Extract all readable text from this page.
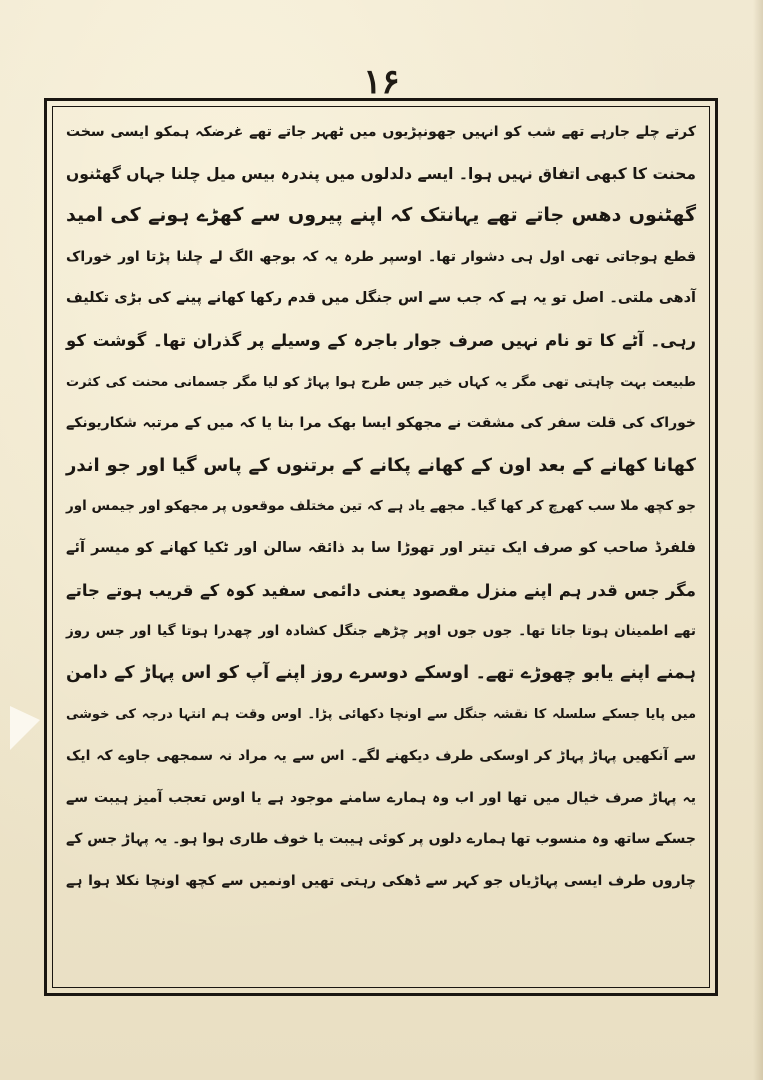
۱۶
کرتے چلے جارہے تھے شب کو انہیں جھونپڑیوں میں ٹھہر جاتے تھے غرضکہ ہمکو ایسی سخت
محنت کا کبھی اتفاق نہیں ہوا۔ ایسے دلدلوں میں پندرہ بیس میل چلنا جہاں گھٹنوں
گھٹنوں دھس جاتے تھے یہانتک کہ اپنے پیروں سے کھڑے ہونے کی امید
قطع ہوجاتی تھی اول ہی دشوار تھا۔ اوسپر طرہ یہ کہ بوجھ الگ لے چلنا پڑتا اور خوراک
آدھی ملتی۔ اصل تو یہ ہے کہ جب سے اس جنگل میں قدم رکھا کھانے پینے کی بڑی تکلیف
رہی۔ آٹے کا تو نام نہیں صرف جوار باجرہ کے وسیلے پر گذران تھا۔ گوشت کو
طبیعت بہت چاہتی تھی مگر یہ کہاں خیر جس طرح ہوا پہاڑ کو لیا مگر جسمانی محنت کی کثرت
خوراک کی قلت سفر کی مشقت نے مجھکو ایسا بھک مرا بنا یا کہ میں کے مرتبہ شکاریونکے
کھانا کھانے کے بعد اون کے کھانے پکانے کے برتنوں کے پاس گیا اور جو اندر
جو کچھ ملا سب کھرچ کر کھا گیا۔ مجھے یاد ہے کہ تین مختلف موقعوں پر مجھکو اور جیمس اور
فلفرڈ صاحب کو صرف ایک تیتر اور تھوڑا سا بد ذائقہ سالن اور ٹکیا کھانے کو میسر آئے
مگر جس قدر ہم اپنے منزل مقصود یعنی دائمی سفید کوہ کے قریب ہوتے جاتے
تھے اطمینان ہوتا جاتا تھا۔ جوں جوں اوپر چڑھے جنگل کشادہ اور چھدرا ہوتا گیا اور جس روز
ہمنے اپنے یابو چھوڑے تھے۔ اوسکے دوسرے روز اپنے آپ کو اس پہاڑ کے دامن
میں پایا جسکے سلسلہ کا نقشہ جنگل سے اونچا دکھائی پڑا۔ اوس وقت ہم انتہا درجہ کی خوشی
سے آنکھیں پہاڑ پہاڑ کر اوسکی طرف دیکھنے لگے۔ اس سے یہ مراد نہ سمجھی جاوے کہ ایک
یہ پہاڑ صرف خیال میں تھا اور اب وہ ہمارے سامنے موجود ہے یا اوس تعجب آمیز ہیبت سے
جسکے ساتھ وہ منسوب تھا ہمارے دلوں پر کوئی ہیبت یا خوف طاری ہوا ہو۔ یہ پہاڑ جس کے
چاروں طرف ایسی پہاڑیاں جو کہر سے ڈھکی رہتی تھیں اونمیں سے کچھ اونچا نکلا ہوا ہے
